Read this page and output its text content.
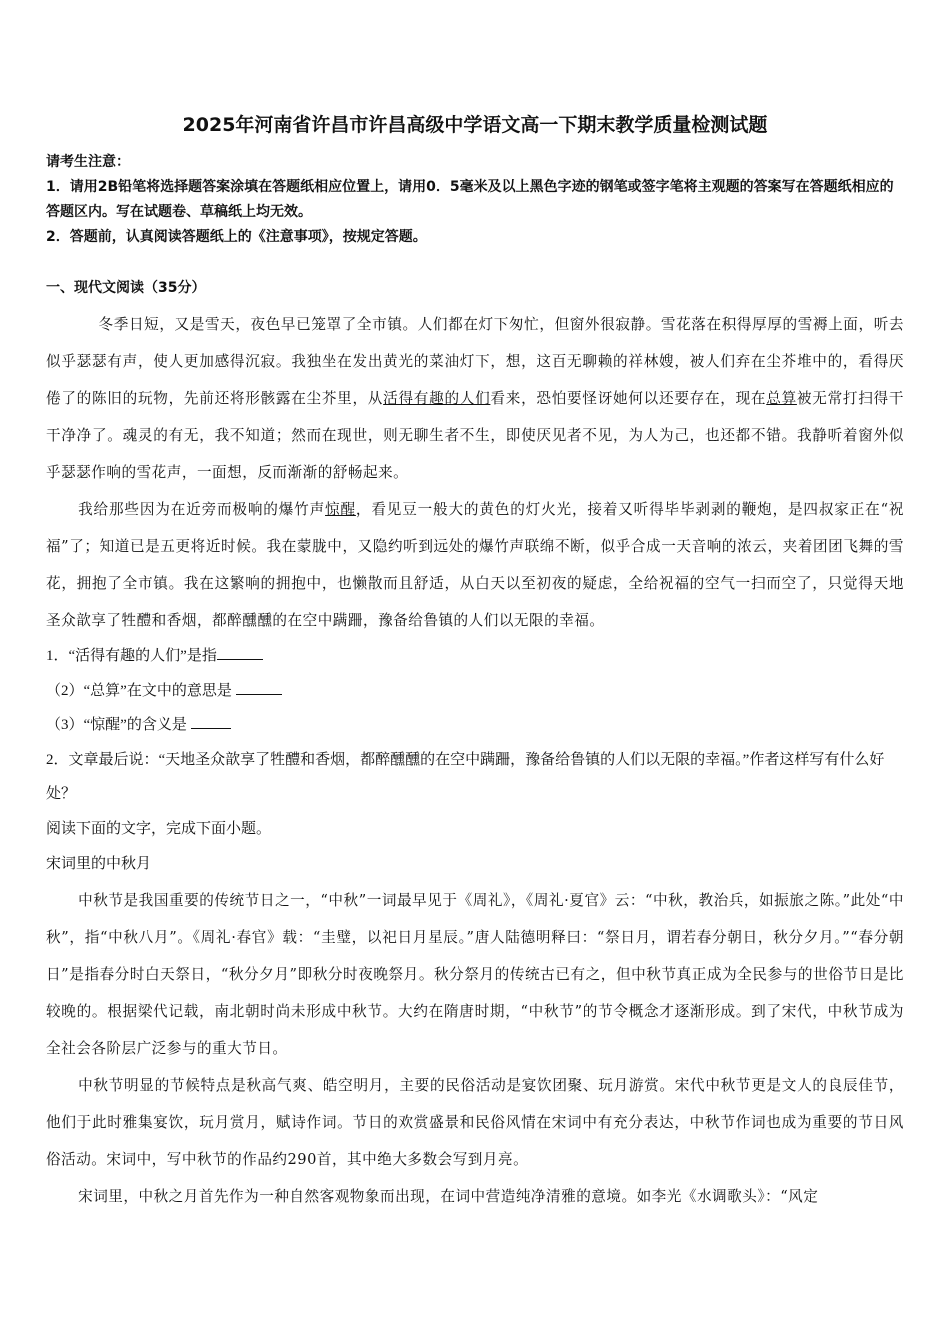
2025年河南省许昌市许昌高级中学语文高一下期末教学质量检测试题

请考生注意：

1．请用2B铅笔将选择题答案涂填在答题纸相应位置上，请用0．5毫米及以上黑色字迹的钢笔或签字笔将主观题的答案写在答题纸相应的答题区内。写在试题卷、草稿纸上均无效。

2．答题前，认真阅读答题纸上的《注意事项》，按规定答题。

一、现代文阅读（35分）

冬季日短，又是雪天，夜色早已笼罩了全市镇。人们都在灯下匆忙，但窗外很寂静。雪花落在积得厚厚的雪褥上面，听去似乎瑟瑟有声，使人更加感得沉寂。我独坐在发出黄光的菜油灯下，想，这百无聊赖的祥林嫂，被人们弃在尘芥堆中的，看得厌倦了的陈旧的玩物，先前还将形骸露在尘芥里，从活得有趣的人们看来，恐怕要怪讶她何以还要存在，现在总算被无常打扫得干干净净了。魂灵的有无，我不知道；然而在现世，则无聊生者不生，即使厌见者不见，为人为己，也还都不错。我静听着窗外似乎瑟瑟作响的雪花声，一面想，反而渐渐的舒畅起来。

我给那些因为在近旁而极响的爆竹声惊醒，看见豆一般大的黄色的灯火光，接着又听得毕毕剥剥的鞭炮，是四叔家正在“祝福”了；知道已是五更将近时候。我在蒙胧中，又隐约听到远处的爆竹声联绵不断，似乎合成一天音响的浓云，夹着团团飞舞的雪花，拥抱了全市镇。我在这繁响的拥抱中，也懒散而且舒适，从白天以至初夜的疑虑，全给祝福的空气一扫而空了，只觉得天地圣众歆享了牲醴和香烟，都醉醺醺的在空中蹒跚，豫备给鲁镇的人们以无限的幸福。

1．“活得有趣的人们”是指

（2）“总算”在文中的意思是

（3）“惊醒”的含义是

2．文章最后说：“天地圣众歆享了牲醴和香烟，都醉醺醺的在空中蹒跚，豫备给鲁镇的人们以无限的幸福。”作者这样写有什么好处？

阅读下面的文字，完成下面小题。

宋词里的中秋月

中秋节是我国重要的传统节日之一，“中秋”一词最早见于《周礼》，《周礼·夏官》云：“中秋，教治兵，如振旅之陈。”此处“中秋”，指“中秋八月”。《周礼·春官》载：“圭璧，以祀日月星辰。”唐人陆德明释曰：“祭日月，谓若春分朝日，秋分夕月。”“春分朝日”是指春分时白天祭日，“秋分夕月”即秋分时夜晚祭月。秋分祭月的传统古已有之，但中秋节真正成为全民参与的世俗节日是比较晚的。根据梁代记载，南北朝时尚未形成中秋节。大约在隋唐时期，“中秋节”的节令概念才逐渐形成。到了宋代，中秋节成为全社会各阶层广泛参与的重大节日。

中秋节明显的节候特点是秋高气爽、皓空明月，主要的民俗活动是宴饮团聚、玩月游赏。宋代中秋节更是文人的良辰佳节，他们于此时雅集宴饮，玩月赏月，赋诗作词。节日的欢赏盛景和民俗风情在宋词中有充分表达，中秋节作词也成为重要的节日风俗活动。宋词中，写中秋节的作品约290首，其中绝大多数会写到月亮。

宋词里，中秋之月首先作为一种自然客观物象而出现，在词中营造纯净清雅的意境。如李光《水调歌头》：“风定
